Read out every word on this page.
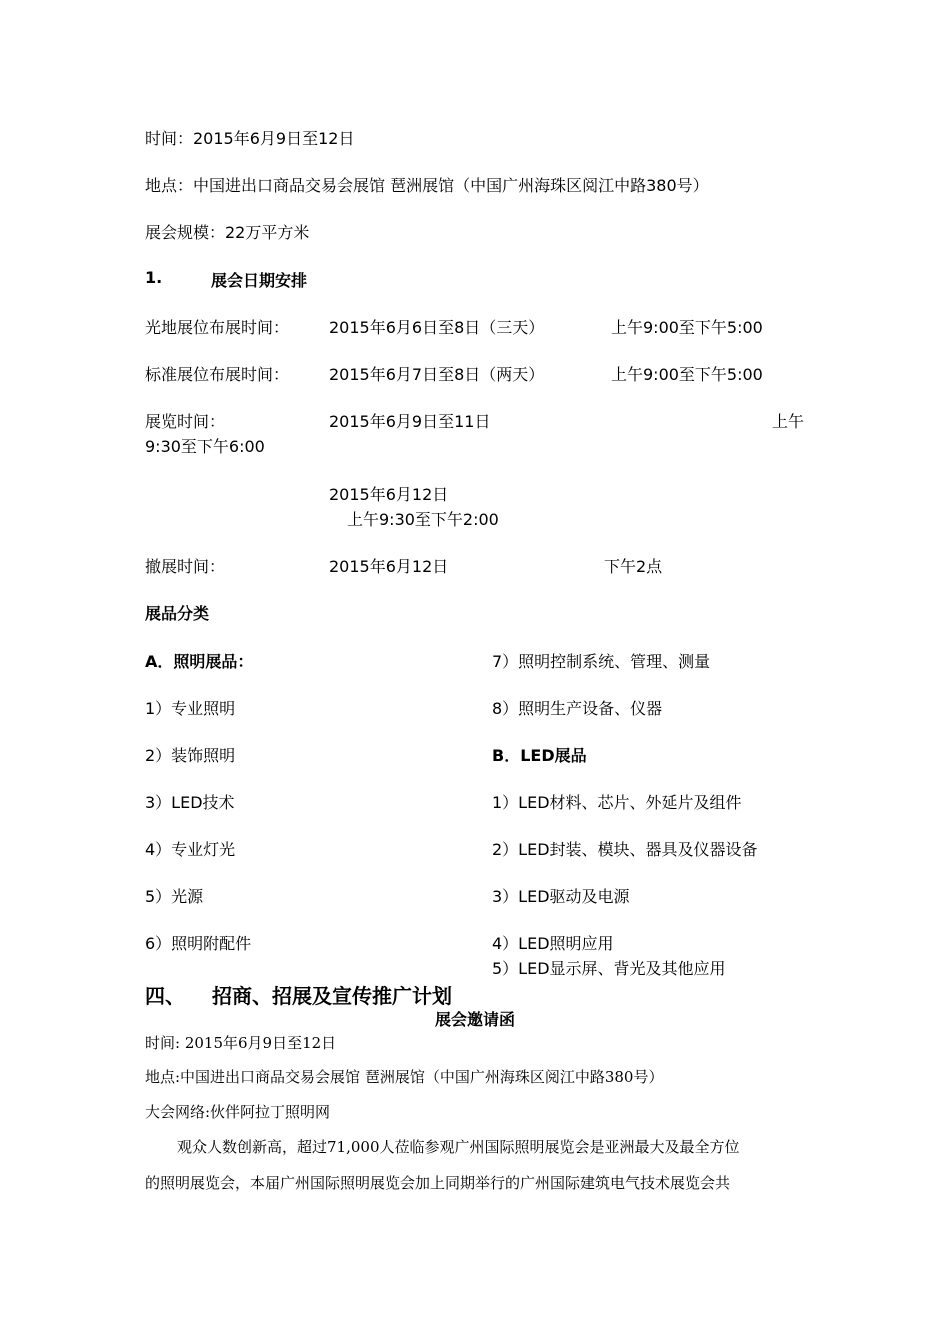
时间：2015年6月9日至12日
地点：中国进出口商品交易会展馆 琶洲展馆（中国广州海珠区阅江中路380号）
展会规模：22万平方米
1.	展会日期安排
光地展位布展时间： 2015年6月6日至8日（三天）	上午9:00至下午5:00
标准展位布展时间： 2015年6月7日至8日（两天）	上午9:00至下午5:00
展览时间：	2015年6月9日至11日	上午
9:30至下午6:00
2015年6月12日
上午9:30至下午2:00
撤展时间：	2015年6月12日	下午2点
展品分类
A．照明展品：
1）专业照明
2）装饰照明
3）LED技术
4）专业灯光
5）光源
6）照明附配件
7）照明控制系统、管理、测量
8）照明生产设备、仪器
B．LED展品
1）LED材料、芯片、外延片及组件
2）LED封装、模块、器具及仪器设备
3）LED驱动及电源
4）LED照明应用
5）LED显示屏、背光及其他应用
四、 招商、招展及宣传推广计划
展会邀请函
时间: 2015年6月9日至12日
地点:中国进出口商品交易会展馆 琶洲展馆（中国广州海珠区阅江中路380号）
大会网络:伙伴阿拉丁照明网
观众人数创新高，超过71,000人莅临参观广州国际照明展览会是亚洲最大及最全方位
的照明展览会，本届广州国际照明展览会加上同期举行的广州国际建筑电气技术展览会共
